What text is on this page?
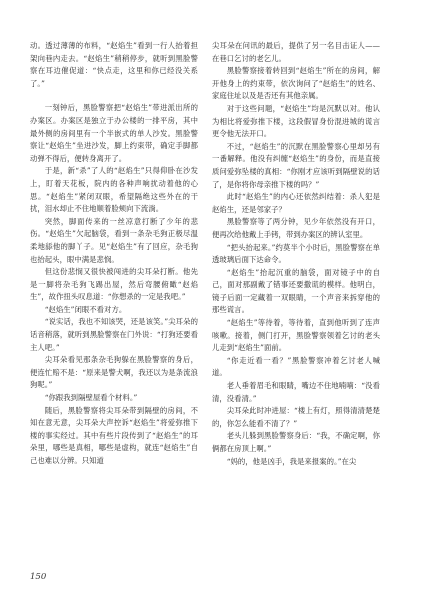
动。透过薄薄的布料，“赵焰生”看到一行人抬着担架向巷内走去。“赵焰生”稍稍停步，就听到黑脸警察在耳边催促道：“快点走，这里和你已经没关系了。”

一刻钟后，黑脸警察把“赵焰生”带进派出所的办案区。办案区是独立于办公楼的一排平房，其中最外侧的房间里有一个半嵌式的单人沙发。黑脸警察让“赵焰生”坐进沙发，脚上约束带，确定手脚都动弹不得后，便转身离开了。

于是，新“杀”了人的“赵焰生”只得仰卧在沙发上，盯着天花板，院内的各种声响扰动着他的心思。“赵焰生”紧闭双眼，希望隔绝这些外在的干扰，泪水却止不住地顺着脸颊向下流淌。

突然，脚面传来的一丝凉意打断了少年的悲伤。“赵焰生”欠起脑袋，看到一条杂毛狗正极尽温柔地舔他的脚丫子。见“赵焰生”有了回应，杂毛狗也抬起头，眼中满是悲悯。

但这份悲悯又很快被闯进的尖耳朵打断。他先是一脚将杂毛狗飞踢出屋，然后弯腰俯瞰“赵焰生”，故作扭头叹息道：“你想杀的一定是我吧。”

“赵焰生”闭眼不看对方。

“说实话，我也不知该哭，还是该笑。”尖耳朵的话音稍落，就听到黑脸警察在门外说：“打狗还要看主人吧。”

尖耳朵看见那条杂毛狗躲在黑脸警察的身后，便连忙赔不是：“原来是警犬啊，我还以为是条流浪狗呢。”

“你跟我到隔壁屋看个材料。”

随后，黑脸警察将尖耳朵带到隔壁的房间，不知在意无意，尖耳朵大声控诉“赵焰生”将爱弥推下楼的事实经过。其中有些片段传到了“赵焰生”的耳朵里，哪些是真相，哪些是虚构，就连“赵焰生”自己也难以分辨。只知道

尖耳朵在问讯的最后，提供了另一名目击证人——在巷口乞讨的老乞儿。

黑脸警察接着转回到“赵焰生”所在的房间，解开他身上的约束带，依次询问了“赵焰生”的姓名、家庭住址以及是否还有其他亲属。

对于这些问题，“赵焰生”均是沉默以对。他认为相比将爱弥推下楼，这段假冒身份混进城的谎言更令他无法开口。

不过，“赵焰生”的沉默在黑脸警察心里却另有一番解释。他没有纠缠“赵焰生”的身份，而是直接质问爱弥坠楼的真相：“你刚才应该听到隔壁说的话了，是你将你母亲推下楼的吗？”

此时“赵焰生”的内心还依然纠结着：杀人犯是赵焰生，还是邻家子？

黑脸警察等了两分钟，见少年依然没有开口，便再次给他戴上手铐，带到办案区的辨认室里。

“把头抬起来。”约莫半个小时后，黑脸警察在单透玻璃后面下达命令。

“赵焰生”抬起沉重的脑袋，面对镜子中的自己，面对那副戴了错事还要撒谎的模样。他明白，镜子后面一定藏着一双眼睛，一个声音来拆穿他的那些谎言。

“赵焰生”等待着，等待着，直到他听到了连声咳嗽。接着，侧门打开，黑脸警察领着乞讨的老头儿走到“赵焰生”面前。

“你走近看一看？”黑脸警察冲着乞讨老人喊道。

老人垂着眉毛和眼睛，嘴边不住地喃喃：“没看清，没看清。”

尖耳朵此时冲进屋：“楼上有灯，照得清清楚楚的，你怎么能看不清了？”

老头儿躲到黑脸警察身后：“我，不确定啊，你俩都在房顶上啊。”

“妈的，他是凶手，我是来报案的。”在尖

150
